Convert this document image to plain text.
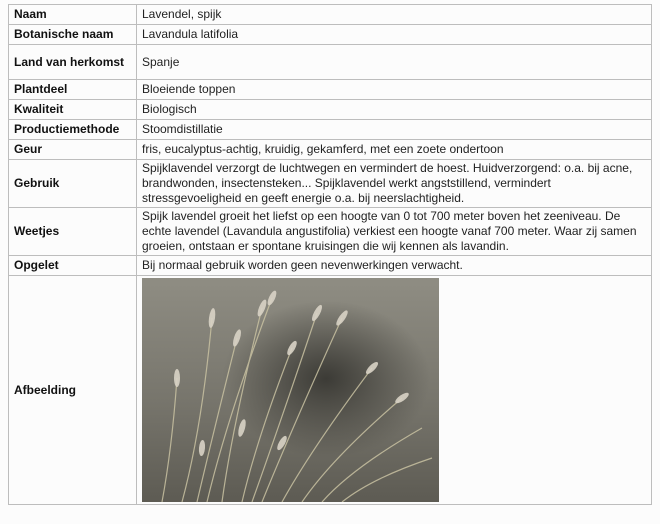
Naam	Lavendel, spijk
Botanische naam	Lavandula latifolia
Land van herkomst	Spanje
Plantdeel	Bloeiende toppen
Kwaliteit	Biologisch
Productiemethode	Stoomdistillatie
Geur	fris, eucalyptus-achtig, kruidig, gekamferd, met een zoete ondertoon
Gebruik	Spijklavendel verzorgt de luchtwegen en vermindert de hoest. Huidverzorgend: o.a. bij acne, brandwonden, insectensteken... Spijklavendel werkt angststillend, vermindert stressgevoeligheid en geeft energie o.a. bij neerslachtigheid.
Weetjes	Spijk lavendel groeit het liefst op een hoogte van 0 tot 700 meter boven het zeeniveau. De echte lavendel (Lavandula angustifolia) verkiest een hoogte vanaf 700 meter. Waar zij samen groeien, ontstaan er spontane kruisingen die wij kennen als lavandin.
Opgelet	Bij normaal gebruik worden geen nevenwerkingen verwacht.
Afbeelding	
